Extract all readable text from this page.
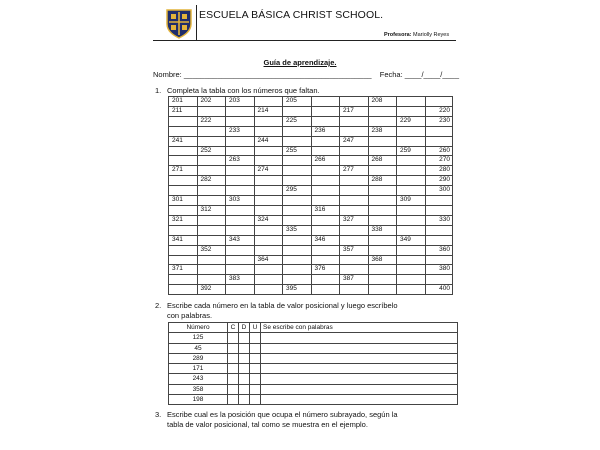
ESCUELA BÁSICA CHRIST SCHOOL.
Profesora: Mariolly Reyes
Guía de aprendizaje.
Nombre: _____________________________________________ Fecha: ____/____/____
1. Completa la tabla con los números que faltan.
201	202	203		205			208		
211			214			217			220
	222			225				229	230
		233			236		238		
241			244			247			
	252			255				259	260
		263			266		268		270
271			274			277			280
	282						288		290
				295					300
301		303						309	
	312				316				
321			324			327			330
				335			338		
341		343			346			349	
	352					357			360
			364				368		
371					376				380
		383				387			
	392			395					400
2. Escribe cada número en la tabla de valor posicional y luego escríbelo
con palabras.
Número	C	D	U	Se escribe con palabras
125				
45				
289				
171				
243				
358				
198				
3. Escribe cual es la posición que ocupa el número subrayado, según la
tabla de valor posicional, tal como se muestra en el ejemplo.
